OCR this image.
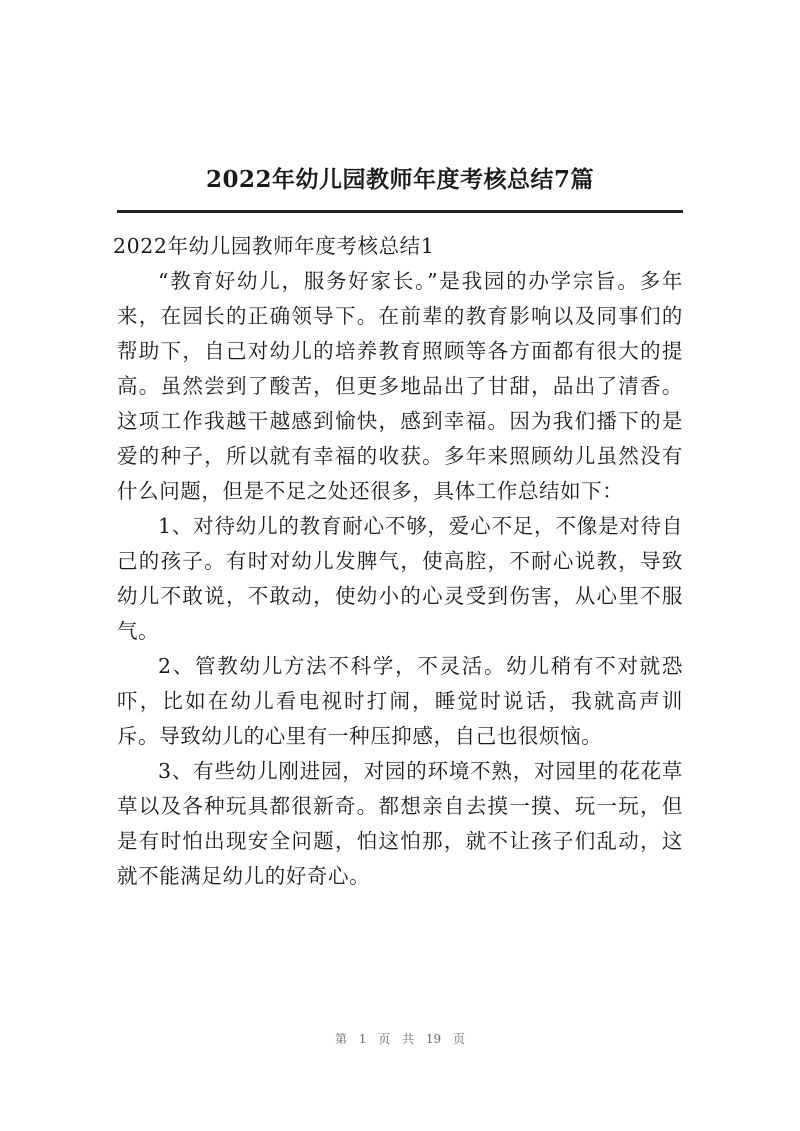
2022年幼儿园教师年度考核总结7篇

2022年幼儿园教师年度考核总结1

“教育好幼儿，服务好家长。”是我园的办学宗旨。多年来，在园长的正确领导下。在前辈的教育影响以及同事们的帮助下，自己对幼儿的培养教育照顾等各方面都有很大的提高。虽然尝到了酸苦，但更多地品出了甘甜，品出了清香。这项工作我越干越感到愉快，感到幸福。因为我们播下的是爱的种子，所以就有幸福的收获。多年来照顾幼儿虽然没有什么问题，但是不足之处还很多，具体工作总结如下：

1、对待幼儿的教育耐心不够，爱心不足，不像是对待自己的孩子。有时对幼儿发脾气，使高腔，不耐心说教，导致幼儿不敢说，不敢动，使幼小的心灵受到伤害，从心里不服气。

2、管教幼儿方法不科学，不灵活。幼儿稍有不对就恐吓，比如在幼儿看电视时打闹，睡觉时说话，我就高声训斥。导致幼儿的心里有一种压抑感，自己也很烦恼。

3、有些幼儿刚进园，对园的环境不熟，对园里的花花草草以及各种玩具都很新奇。都想亲自去摸一摸、玩一玩，但是有时怕出现安全问题，怕这怕那，就不让孩子们乱动，这就不能满足幼儿的好奇心。

第 1 页 共 19 页
